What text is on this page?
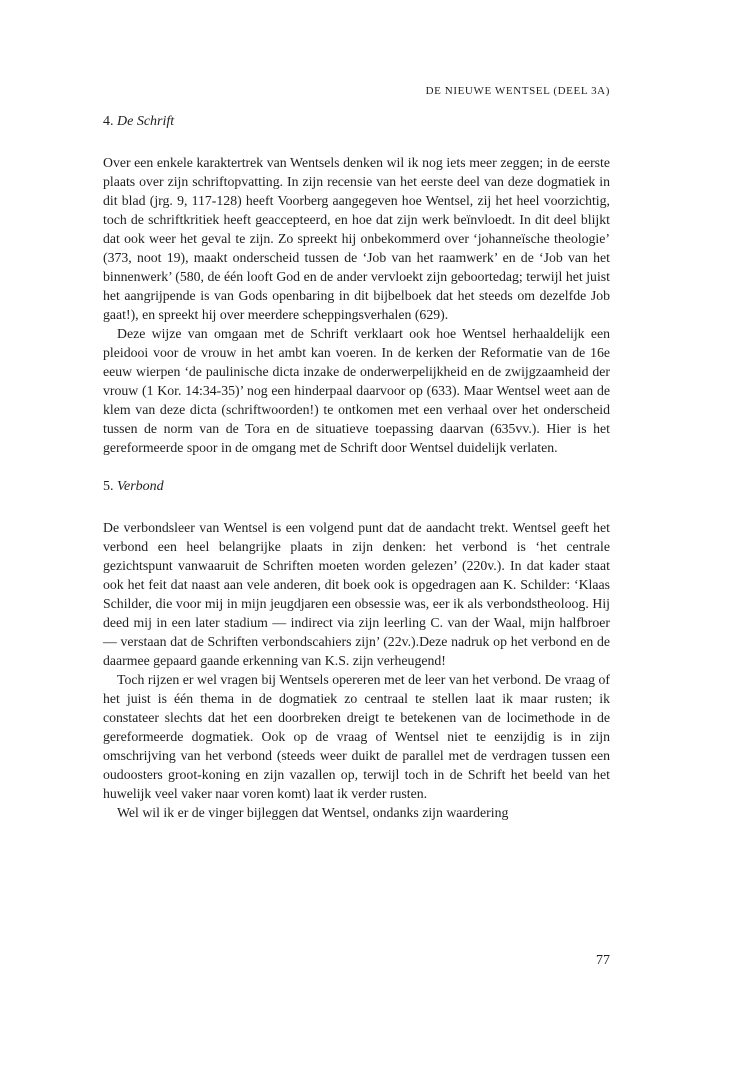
DE NIEUWE WENTSEL (DEEL 3A)
4. De Schrift

Over een enkele karaktertrek van Wentsels denken wil ik nog iets meer zeggen; in de eerste plaats over zijn schriftopvatting. In zijn recensie van het eerste deel van deze dogmatiek in dit blad (jrg. 9, 117-128) heeft Voorberg aangegeven hoe Wentsel, zij het heel voorzichtig, toch de schriftkritiek heeft geaccepteerd, en hoe dat zijn werk beïnvloedt. In dit deel blijkt dat ook weer het geval te zijn. Zo spreekt hij onbekommerd over ‘johanneïsche theologie’ (373, noot 19), maakt onderscheid tussen de ‘Job van het raamwerk’ en de ‘Job van het binnenwerk’ (580, de één looft God en de ander vervloekt zijn geboortedag; terwijl het juist het aangrijpende is van Gods openbaring in dit bijbelboek dat het steeds om dezelfde Job gaat!), en spreekt hij over meerdere scheppingsverhalen (629).

Deze wijze van omgaan met de Schrift verklaart ook hoe Wentsel herhaaldelijk een pleidooi voor de vrouw in het ambt kan voeren. In de kerken der Reformatie van de 16e eeuw wierpen ‘de paulinische dicta inzake de onderwerpelijkheid en de zwijgzaamheid der vrouw (1 Kor. 14:34-35)’ nog een hinderpaal daarvoor op (633). Maar Wentsel weet aan de klem van deze dicta (schriftwoorden!) te ontkomen met een verhaal over het onderscheid tussen de norm van de Tora en de situatieve toepassing daarvan (635vv.). Hier is het gereformeerde spoor in de omgang met de Schrift door Wentsel duidelijk verlaten.

5. Verbond

De verbondsleer van Wentsel is een volgend punt dat de aandacht trekt. Wentsel geeft het verbond een heel belangrijke plaats in zijn denken: het verbond is ‘het centrale gezichtspunt vanwaaruit de Schriften moeten worden gelezen’ (220v.). In dat kader staat ook het feit dat naast aan vele anderen, dit boek ook is opgedragen aan K. Schilder: ‘Klaas Schilder, die voor mij in mijn jeugdjaren een obsessie was, eer ik als verbondstheoloog. Hij deed mij in een later stadium — indirect via zijn leerling C. van der Waal, mijn halfbroer — verstaan dat de Schriften verbondscahiers zijn’ (22v.).Deze nadruk op het verbond en de daarmee gepaard gaande erkenning van K.S. zijn verheugend!

Toch rijzen er wel vragen bij Wentsels opereren met de leer van het verbond. De vraag of het juist is één thema in de dogmatiek zo centraal te stellen laat ik maar rusten; ik constateer slechts dat het een doorbreken dreigt te betekenen van de locimethode in de gereformeerde dogmatiek. Ook op de vraag of Wentsel niet te eenzijdig is in zijn omschrijving van het verbond (steeds weer duikt de parallel met de verdragen tussen een oudoosters groot-koning en zijn vazallen op, terwijl toch in de Schrift het beeld van het huwelijk veel vaker naar voren komt) laat ik verder rusten.

Wel wil ik er de vinger bijleggen dat Wentsel, ondanks zijn waardering

77
